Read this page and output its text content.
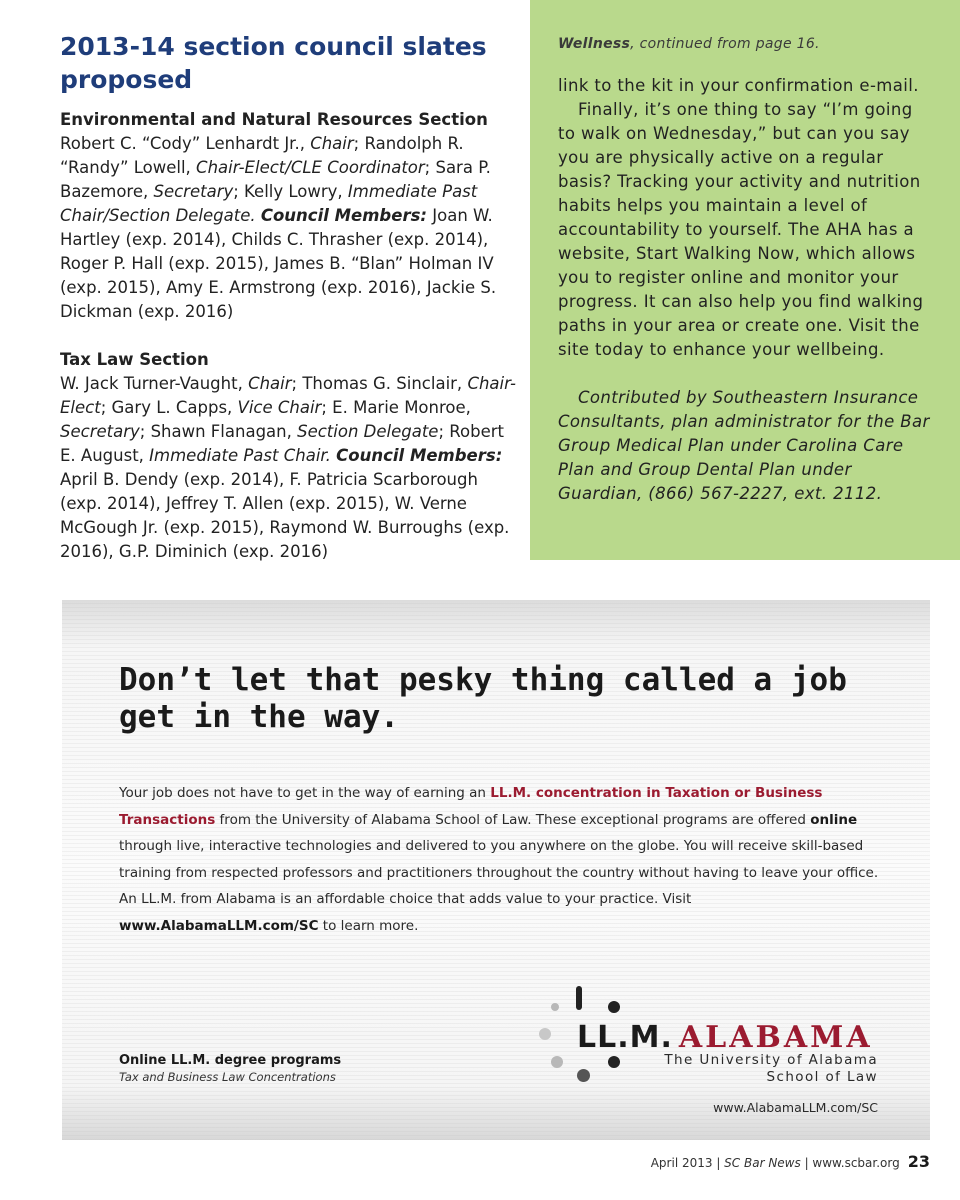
2013-14 section council slates proposed

Environmental and Natural Resources Section
Robert C. “Cody” Lenhardt Jr., Chair; Randolph R. “Randy” Lowell, Chair-Elect/CLE Coordinator; Sara P. Bazemore, Secretary; Kelly Lowry, Immediate Past Chair/Section Delegate. Council Members: Joan W. Hartley (exp. 2014), Childs C. Thrasher (exp. 2014), Roger P. Hall (exp. 2015), James B. “Blan” Holman IV (exp. 2015), Amy E. Armstrong (exp. 2016), Jackie S. Dickman (exp. 2016)

Tax Law Section
W. Jack Turner-Vaught, Chair; Thomas G. Sinclair, Chair-Elect; Gary L. Capps, Vice Chair; E. Marie Monroe, Secretary; Shawn Flanagan, Section Delegate; Robert E. August, Immediate Past Chair. Council Members: April B. Dendy (exp. 2014), F. Patricia Scarborough (exp. 2014), Jeffrey T. Allen (exp. 2015), W. Verne McGough Jr. (exp. 2015), Raymond W. Burroughs (exp. 2016), G.P. Diminich (exp. 2016)

Wellness, continued from page 16.

link to the kit in your confirmation e-mail.

Finally, it’s one thing to say “I’m going to walk on Wednesday,” but can you say you are physically active on a regular basis? Tracking your activity and nutrition habits helps you maintain a level of accountability to yourself. The AHA has a website, Start Walking Now, which allows you to register online and monitor your progress. It can also help you find walking paths in your area or create one. Visit the site today to enhance your wellbeing.

Contributed by Southeastern Insurance Consultants, plan administrator for the Bar Group Medical Plan under Carolina Care Plan and Group Dental Plan under Guardian, (866) 567-2227, ext. 2112.

Don’t let that pesky thing called a job get in the way.

Your job does not have to get in the way of earning an LL.M. concentration in Taxation or Business Transactions from the University of Alabama School of Law. These exceptional programs are offered online through live, interactive technologies and delivered to you anywhere on the globe. You will receive skill-based training from respected professors and practitioners throughout the country without having to leave your office. An LL.M. from Alabama is an affordable choice that adds value to your practice. Visit www.AlabamaLLM.com/SC to learn more.

Online LL.M. degree programs
Tax and Business Law Concentrations
LL.M. ALABAMA
The University of Alabama
School of Law
www.AlabamaLLM.com/SC
April 2013 | SC Bar News | www.scbar.org 23
